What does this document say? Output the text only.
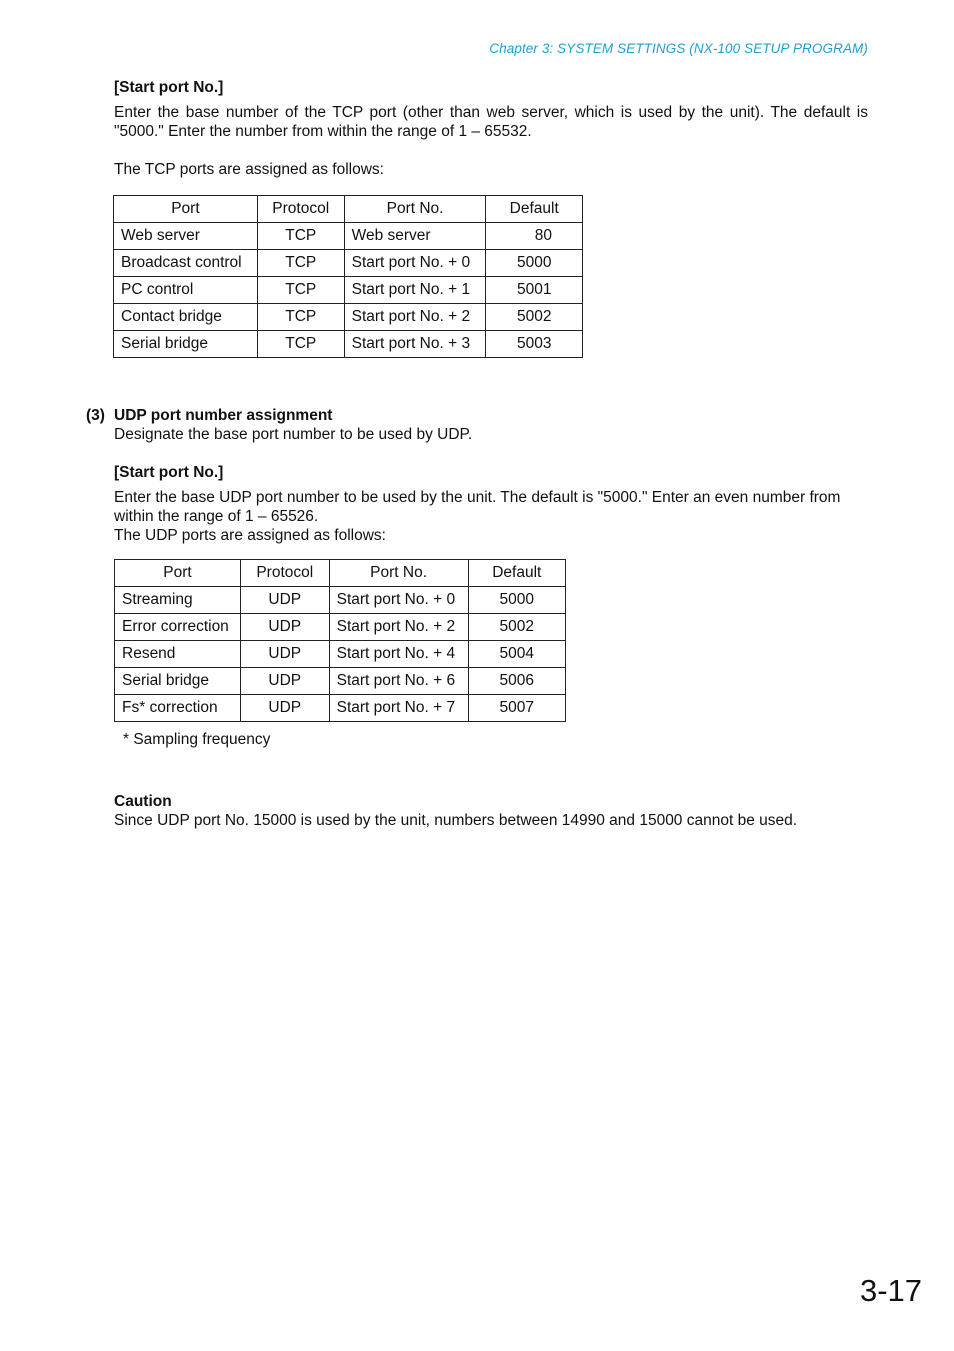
Chapter 3: SYSTEM SETTINGS (NX-100 SETUP PROGRAM)
[Start port No.]
Enter the base number of the TCP port (other than web server, which is used by the unit). The default is "5000." Enter the number from within the range of 1 – 65532.
The TCP ports are assigned as follows:
Port	Protocol	Port No.	Default
Web server	TCP	Web server	80
Broadcast control	TCP	Start port No. + 0	5000
PC control	TCP	Start port No. + 1	5001
Contact bridge	TCP	Start port No. + 2	5002
Serial bridge	TCP	Start port No. + 3	5003
(3) UDP port number assignment
Designate the base port number to be used by UDP.
[Start port No.]
Enter the base UDP port number to be used by the unit. The default is "5000." Enter an even number from within the range of 1 – 65526.
The UDP ports are assigned as follows:
Port	Protocol	Port No.	Default
Streaming	UDP	Start port No. + 0	5000
Error correction	UDP	Start port No. + 2	5002
Resend	UDP	Start port No. + 4	5004
Serial bridge	UDP	Start port No. + 6	5006
Fs* correction	UDP	Start port No. + 7	5007
* Sampling frequency
Caution
Since UDP port No. 15000 is used by the unit, numbers between 14990 and 15000 cannot be used.
3-17
